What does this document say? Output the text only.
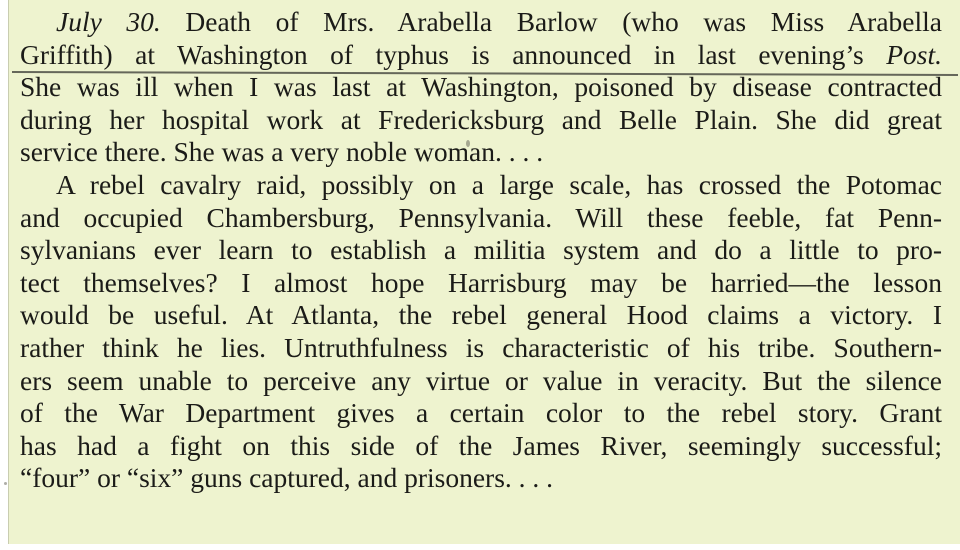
July 30. Death of Mrs. Arabella Barlow (who was Miss Arabella
Griffith) at Washington of typhus is announced in last evening’s Post.
She was ill when I was last at Washington, poisoned by disease contracted
during her hospital work at Fredericksburg and Belle Plain. She did great
service there. She was a very noble woman. . . .
A rebel cavalry raid, possibly on a large scale, has crossed the Potomac
and occupied Chambersburg, Pennsylvania. Will these feeble, fat Penn-
sylvanians ever learn to establish a militia system and do a little to pro-
tect themselves? I almost hope Harrisburg may be harried—the lesson
would be useful. At Atlanta, the rebel general Hood claims a victory. I
rather think he lies. Untruthfulness is characteristic of his tribe. Southern-
ers seem unable to perceive any virtue or value in veracity. But the silence
of the War Department gives a certain color to the rebel story. Grant
has had a fight on this side of the James River, seemingly successful;
“four” or “six” guns captured, and prisoners. . . .
